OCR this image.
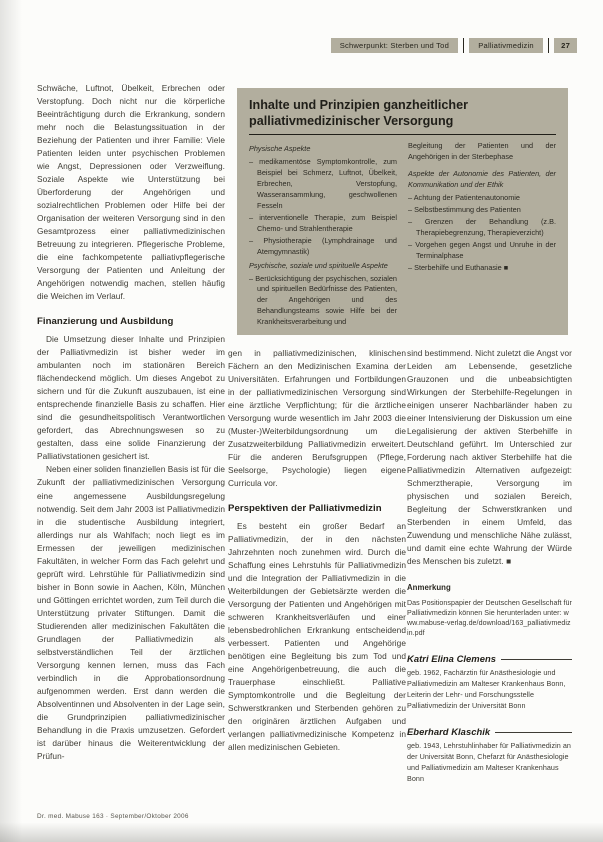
Schwerpunkt: Sterben und Tod	Palliativmedizin	27

Schwäche, Luftnot, Übelkeit, Erbrechen oder Verstopfung. Doch nicht nur die körperliche Beeinträchtigung durch die Erkrankung, sondern mehr noch die Belastungssituation in der Beziehung der Patienten und ihrer Familie: Viele Patienten leiden unter psychischen Problemen wie Angst, Depressionen oder Verzweiflung. Soziale Aspekte wie Unterstützung bei Überforderung der Angehörigen und sozialrechtlichen Problemen oder Hilfe bei der Organisation der weiteren Versorgung sind in den Gesamtprozess einer palliativmedizinischen Betreuung zu integrieren. Pflegerische Probleme, die eine fachkompetente palliativpflegerische Versorgung der Patienten und Anleitung der Angehörigen notwendig machen, stellen häufig die Weichen im Verlauf.

Finanzierung und Ausbildung

Die Umsetzung dieser Inhalte und Prinzipien der Palliativmedizin ist bisher weder im ambulanten noch im stationären Bereich flächendeckend möglich. Um dieses Angebot zu sichern und für die Zukunft auszubauen, ist eine entsprechende finanzielle Basis zu schaffen. Hier sind die gesundheitspolitisch Verantwortlichen gefordert, das Abrechnungswesen so zu gestalten, dass eine solide Finanzierung der Palliativstationen gesichert ist.

Neben einer soliden finanziellen Basis ist für die Zukunft der palliativmedizinischen Versorgung eine angemessene Ausbildungsregelung notwendig. Seit dem Jahr 2003 ist Palliativmedizin in die studentische Ausbildung integriert, allerdings nur als Wahlfach; noch liegt es im Ermessen der jeweiligen medizinischen Fakultäten, in welcher Form das Fach gelehrt und geprüft wird. Lehrstühle für Palliativmedizin sind bisher in Bonn sowie in Aachen, Köln, München und Göttingen errichtet worden, zum Teil durch die Unterstützung privater Stiftungen. Damit die Studierenden aller medizinischen Fakultäten die Grundlagen der Palliativmedizin als selbstverständlichen Teil der ärztlichen Versorgung kennen lernen, muss das Fach verbindlich in die Approbationsordnung aufgenommen werden. Erst dann werden die Absolventinnen und Absolventen in der Lage sein, die Grundprinzipien palliativmedizinischer Behandlung in die Praxis umzusetzen. Gefordert ist darüber hinaus die Weiterentwicklung der Prüfun-

Inhalte und Prinzipien ganzheitlicher palliativmedizinischer Versorgung
Physische Aspekte
– medikamentöse Symptomkontrolle, zum Beispiel bei Schmerz, Luftnot, Übelkeit, Erbrechen, Verstopfung, Wasseransammlung, geschwollenen Fesseln
– interventionelle Therapie, zum Beispiel Chemo- und Strahlentherapie
– Physiotherapie (Lymphdrainage und Atemgymnastik)
Psychische, soziale und spirituelle Aspekte
– Berücksichtigung der psychischen, sozialen und spirituellen Bedürfnisse des Patienten, der Angehörigen und des Behandlungsteams sowie Hilfe bei der Krankheitsverarbeitung und

Begleitung der Patienten und der Angehörigen in der Sterbephase

Aspekte der Autonomie des Patienten, der Kommunikation und der Ethik
– Achtung der Patientenautonomie
– Selbstbestimmung des Patienten
– Grenzen der Behandlung (z.B. Therapiebegrenzung, Therapieverzicht)
– Vorgehen gegen Angst und Unruhe in der Terminalphase
– Sterbehilfe und Euthanasie ■

gen in palliativmedizinischen, klinischen Fächern an den Medizinischen Examina der Universitäten. Erfahrungen und Fortbildungen in der palliativmedizinischen Versorgung sind eine ärztliche Verpflichtung; für die ärztliche Versorgung wurde wesentlich im Jahr 2003 die (Muster-)Weiterbildungsordnung um die Zusatzweiterbildung Palliativmedizin erweitert. Für die anderen Berufsgruppen (Pflege, Seelsorge, Psychologie) liegen eigene Curricula vor.

Perspektiven der Palliativmedizin

Es besteht ein großer Bedarf an Palliativmedizin, der in den nächsten Jahrzehnten noch zunehmen wird. Durch die Schaffung eines Lehrstuhls für Palliativmedizin und die Integration der Palliativmedizin in die Weiterbildungen der Gebietsärzte werden die Versorgung der Patienten und Angehörigen mit schweren Krankheitsverläufen und einer lebensbedrohlichen Erkrankung entscheidend verbessert. Patienten und Angehörige benötigen eine Begleitung bis zum Tod und eine Angehörigenbetreuung, die auch die Trauerphase einschließt. Palliative Symptomkontrolle und die Begleitung der Schwerstkranken und Sterbenden gehören zu den originären ärztlichen Aufgaben und verlangen palliativmedizinische Kompetenz in allen medizinischen Gebieten.

sind bestimmend. Nicht zuletzt die Angst vor Leiden am Lebensende, gesetzliche Grauzonen und die unbeabsichtigten Wirkungen der Sterbehilfe-Regelungen in einigen unserer Nachbarländer haben zu einer Intensivierung der Diskussion um eine Legalisierung der aktiven Sterbehilfe in Deutschland geführt. Im Unterschied zur Forderung nach aktiver Sterbehilfe hat die Palliativmedizin Alternativen aufgezeigt: Schmerztherapie, Versorgung im physischen und sozialen Bereich, Begleitung der Schwerstkranken und Sterbenden in einem Umfeld, das Zuwendung und menschliche Nähe zulässt, und damit eine echte Wahrung der Würde des Menschen bis zuletzt. ■

Anmerkung
Das Positionspapier der Deutschen Gesellschaft für Palliativmedizin können Sie herunterladen unter: www.mabuse-verlag.de/download/163_palliativmedizin.pdf
Katri Elina Clemens
geb. 1962, Fachärztin für Anästhesiologie und Palliativmedizin am Malteser Krankenhaus Bonn, Leiterin der Lehr- und Forschungsstelle Palliativmedizin der Universität Bonn
Eberhard Klaschik
geb. 1943, Lehrstuhlinhaber für Palliativmedizin an der Universität Bonn, Chefarzt für Anästhesiologie und Palliativmedizin am Malteser Krankenhaus Bonn
Dr. med. Mabuse 163 · September/Oktober 2006
